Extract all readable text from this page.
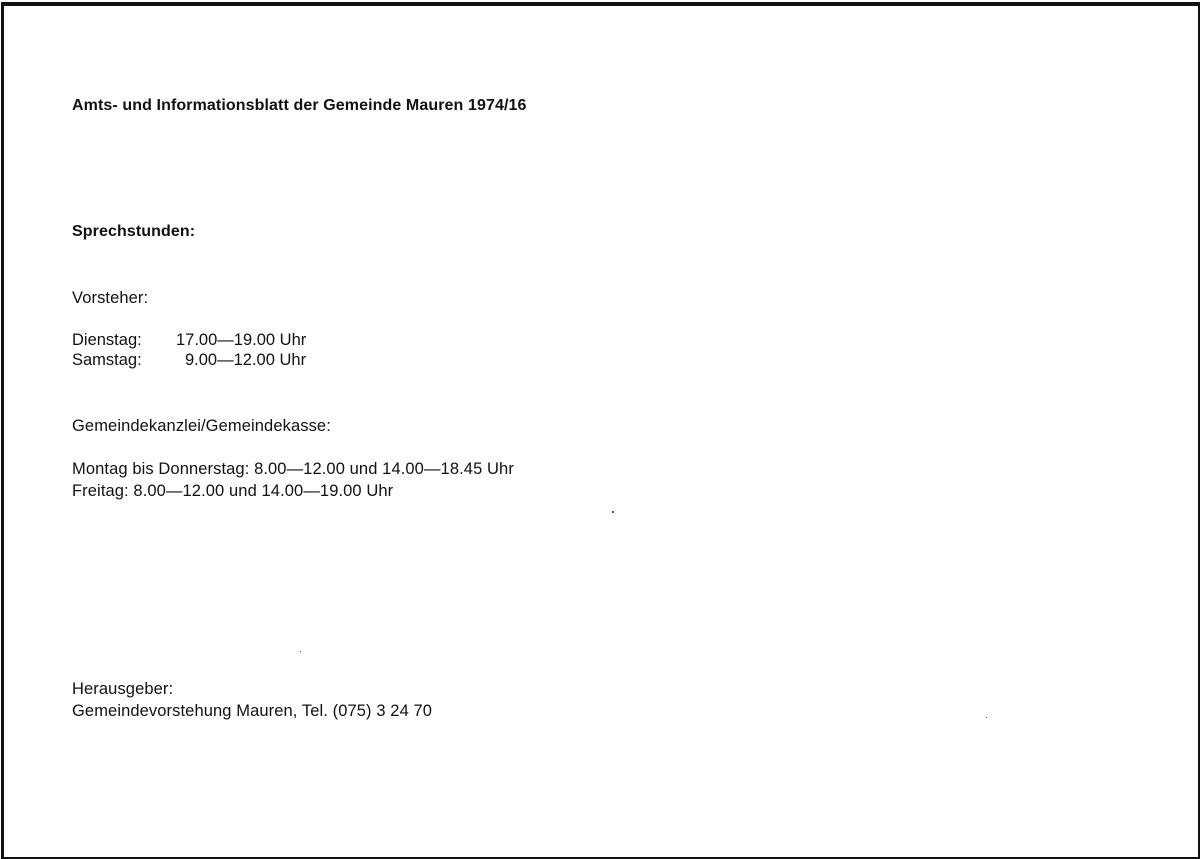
Amts- und Informationsblatt der Gemeinde Mauren 1974/16
Sprechstunden:
Vorsteher:
Dienstag: 17.00—19.00 Uhr
Samstag:	9.00—12.00 Uhr
Gemeindekanzlei/Gemeindekasse:
Montag bis Donnerstag: 8.00—12.00 und 14.00—18.45 Uhr
Freitag: 8.00—12.00 und 14.00—19.00 Uhr
Herausgeber:
Gemeindevorstehung Mauren, Tel. (075) 3 24 70
